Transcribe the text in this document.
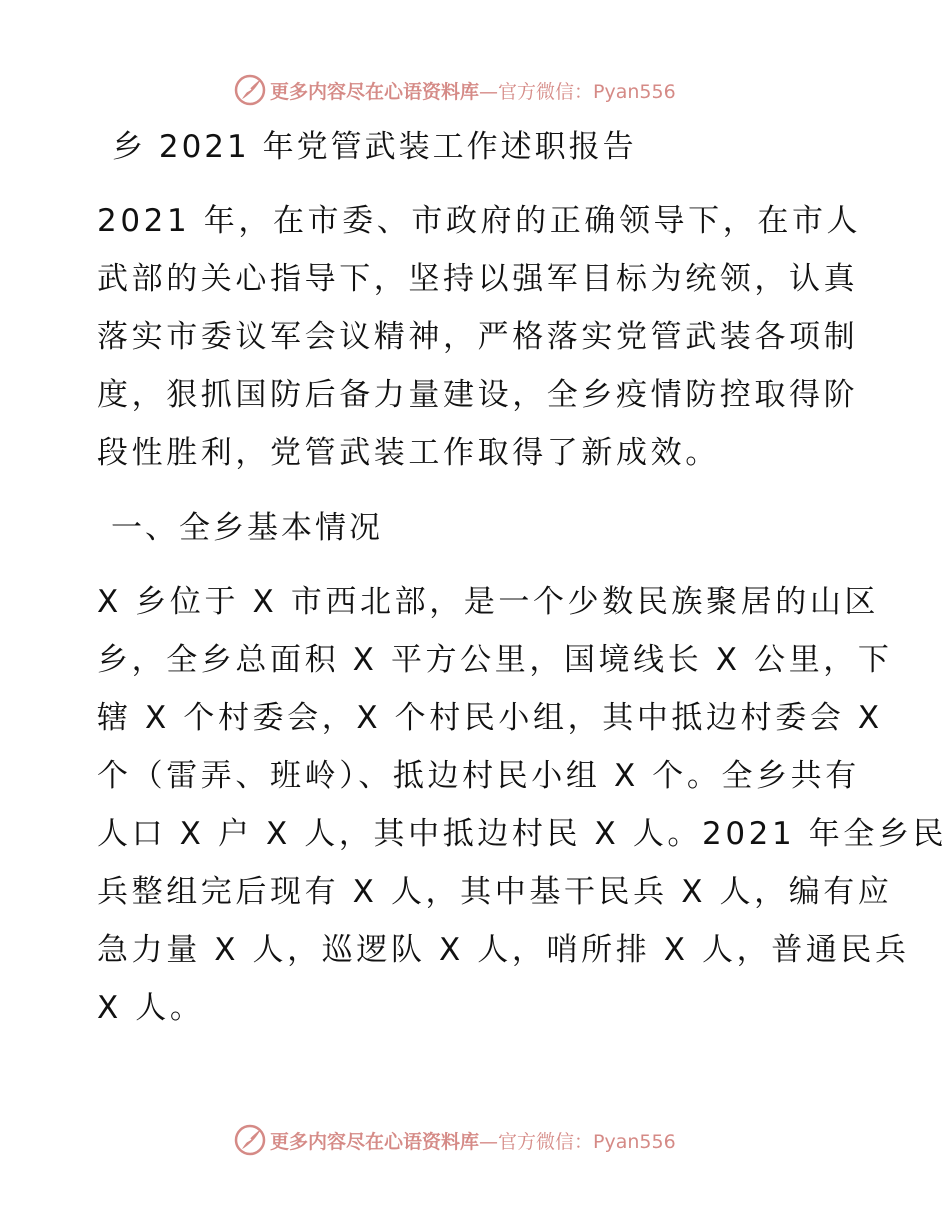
更多内容尽在心语资料库 —官方微信：Pyan556
乡 2021 年党管武装工作述职报告
2021 年，在市委、市政府的正确领导下，在市人
武部的关心指导下，坚持以强军目标为统领，认真
落实市委议军会议精神，严格落实党管武装各项制
度，狠抓国防后备力量建设，全乡疫情防控取得阶
段性胜利，党管武装工作取得了新成效。
一、全乡基本情况
X 乡位于 X 市西北部，是一个少数民族聚居的山区
乡，全乡总面积 X 平方公里，国境线长 X 公里，下
辖 X 个村委会，X 个村民小组，其中抵边村委会 X
个（雷弄、班岭）、抵边村民小组 X 个。全乡共有
人口 X 户 X 人，其中抵边村民 X 人。2021 年全乡民
兵整组完后现有 X 人，其中基干民兵 X 人，编有应
急力量 X 人，巡逻队 X 人，哨所排 X 人，普通民兵
X 人。
更多内容尽在心语资料库 —官方微信：Pyan556
